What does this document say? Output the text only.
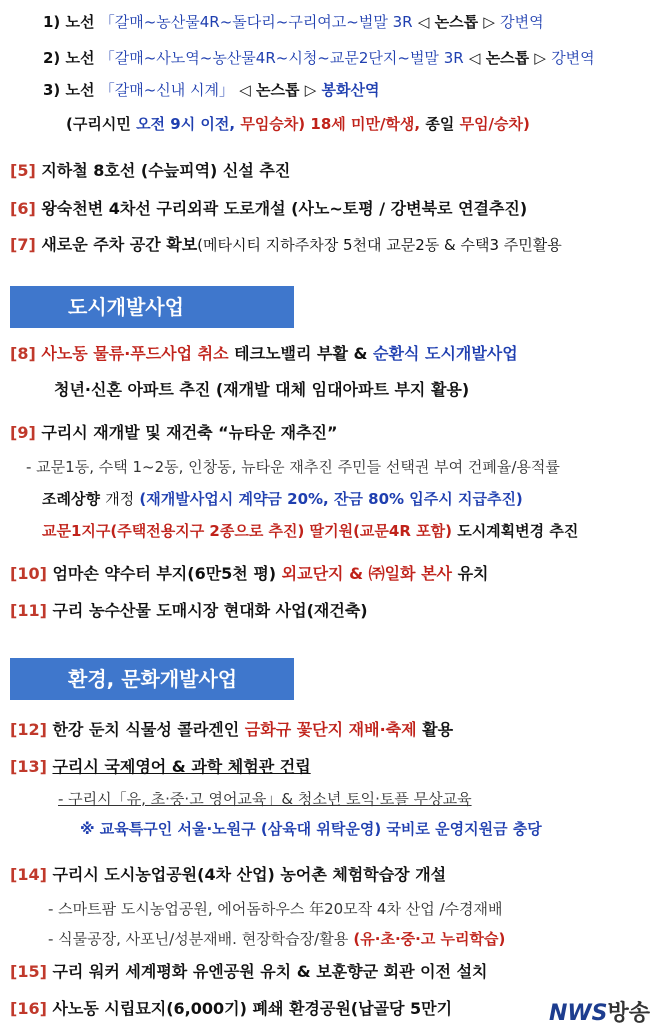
1) 노선 「갈매~농산물4R~돌다리~구리여고~벌말 3R ◁ 논스톱 ▷ 강변역
2) 노선 「갈매~사노역~농산물4R~시청~교문2단지~벌말 3R ◁ 논스톱 ▷ 강변역
3) 노선 「갈매~신내 시계」 ◁ 논스톱 ▷ 봉화산역
(구리시민 오전 9시 이전, 무임승차) 18세 미만/학생, 종일 무임/승차)
[5] 지하철 8호선 (수늪피역) 신설 추진
[6] 왕숙천변 4차선 구리외곽 도로개설 (사노~토평 / 강변북로 연결추진)
[7] 새로운 주차 공간 확보(메타시티 지하주차장 5천대 교문2동 & 수택3 주민활용
도시개발사업
[8] 사노동 물류·푸드사업 취소 테크노밸리 부활 & 순환식 도시개발사업
청년·신혼 아파트 추진 (재개발 대체 임대아파트 부지 활용)
[9] 구리시 재개발 및 재건축 “뉴타운 재추진”
- 교문1동, 수택 1~2동, 인창동, 뉴타운 재추진 주민들 선택권 부여 건폐율/용적률
조례상향 개정 (재개발사업시 계약금 20%, 잔금 80% 입주시 지급추진)
교문1지구(주택전용지구 2종으로 추진) 딸기원(교문4R 포함) 도시계획변경 추진
[10] 엄마손 약수터 부지(6만5천 평) 외교단지 & ㈜일화 본사 유치
[11] 구리 농수산물 도매시장 현대화 사업(재건축)
환경, 문화개발사업
[12] 한강 둔치 식물성 콜라겐인 금화규 꽃단지 재배·축제 활용
[13] 구리시 국제영어 & 과학 체험관 건립
- 구리시「유, 초·중·고 영어교육」& 청소년 토익·토플 무상교육
※ 교육특구인 서울·노원구 (삼육대 위탁운영) 국비로 운영지원금 충당
[14] 구리시 도시농업공원(4차 산업) 농어촌 체험학습장 개설
- 스마트팜 도시농업공원, 에어돔하우스 年20모작 4차 산업 /수경재배
- 식물공장, 사포닌/성분재배. 현장학습장/활용 (유·초·중·고 누리학습)
[15] 구리 워커 세계평화 유엔공원 유치 & 보훈향군 회관 이전 설치
[16] 사노동 시립묘지(6,000기) 폐쇄 환경공원(납골당 5만기	NWS방송
